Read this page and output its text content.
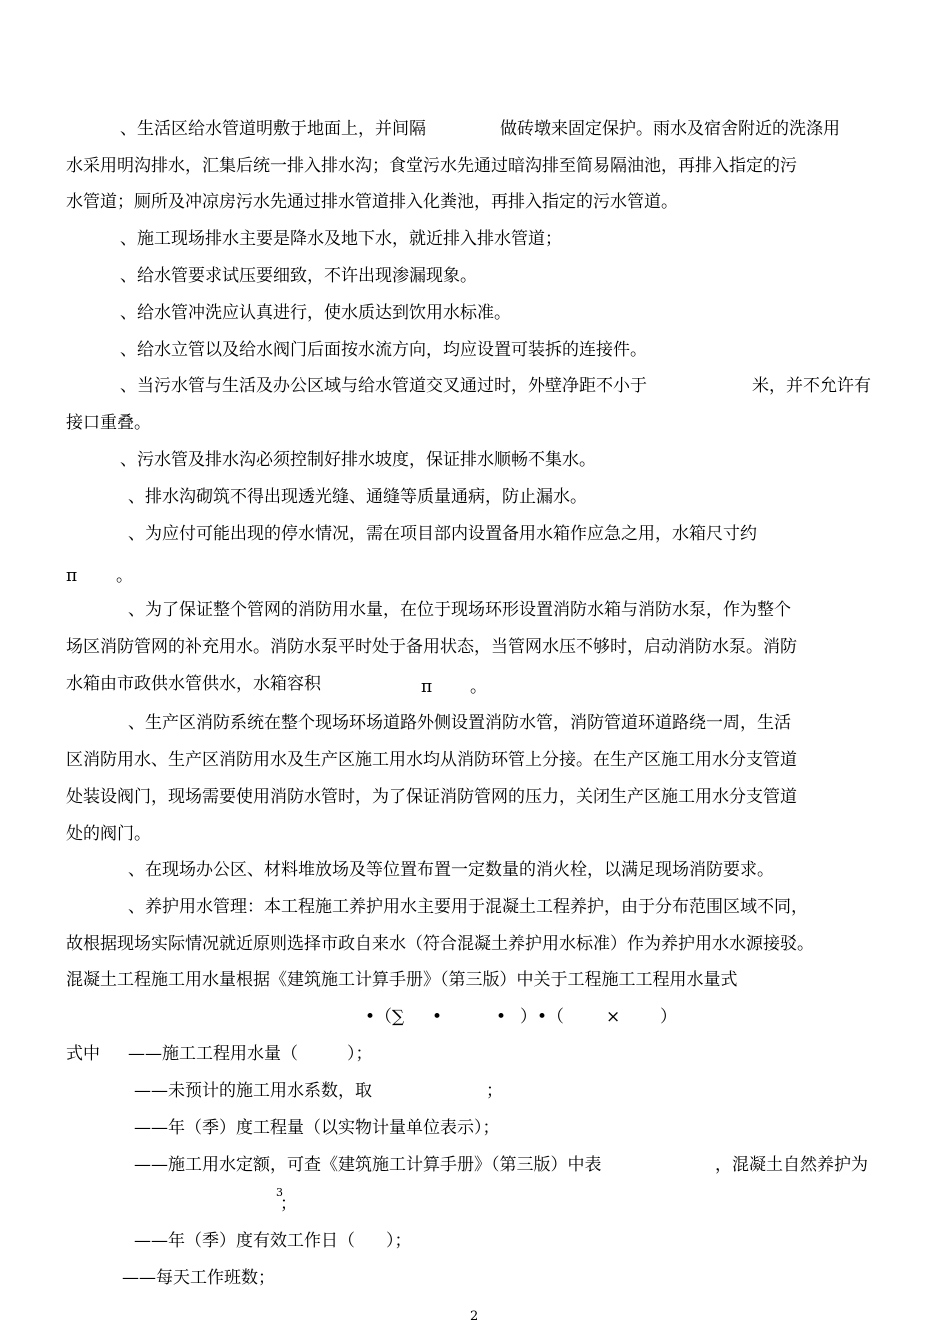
、生活区给水管道明敷于地面上，并间隔	做砖墩来固定保护。雨水及宿舍附近的洗涤用
水采用明沟排水，汇集后统一排入排水沟；食堂污水先通过暗沟排至简易隔油池，再排入指定的污
水管道；厕所及冲凉房污水先通过排水管道排入化粪池，再排入指定的污水管道。
、施工现场排水主要是降水及地下水，就近排入排水管道；
、给水管要求试压要细致，不许出现渗漏现象。
、给水管冲洗应认真进行，使水质达到饮用水标准。
、给水立管以及给水阀门后面按水流方向，均应设置可装拆的连接件。
、当污水管与生活及办公区域与给水管道交叉通过时，外壁净距不小于	米，并不允许有
接口重叠。
、污水管及排水沟必须控制好排水坡度，保证排水顺畅不集水。
、排水沟砌筑不得出现透光缝、通缝等质量通病，防止漏水。
、为应付可能出现的停水情况，需在项目部内设置备用水箱作应急之用，水箱尺寸约
π 。
、为了保证整个管网的消防用水量，在位于现场环形设置消防水箱与消防水泵，作为整个
场区消防管网的补充用水。消防水泵平时处于备用状态，当管网水压不够时，启动消防水泵。消防
水箱由市政供水管供水，水箱容积	π 。
、生产区消防系统在整个现场环场道路外侧设置消防水管，消防管道环道路绕一周，生活
区消防用水、生产区消防用水及生产区施工用水均从消防环管上分接。在生产区施工用水分支管道
处装设阀门，现场需要使用消防水管时，为了保证消防管网的压力，关闭生产区施工用水分支管道
处的阀门。
、在现场办公区、材料堆放场及等位置布置一定数量的消火栓，以满足现场消防要求。
、养护用水管理：本工程施工养护用水主要用于混凝土工程养护，由于分布范围区域不同，
故根据现场实际情况就近原则选择市政自来水（符合混凝土养护用水标准）作为养护用水水源接驳。
混凝土工程施工用水量根据《建筑施工计算手册》（第三版）中关于工程施工工程用水量式
•（∑ •	• ）•（ × ）
式中 ——施工工程用水量（	）；
——未预计的施工用水系数，取	；
——年（季）度工程量（以实物计量单位表示）；
——施工用水定额，可查《建筑施工计算手册》（第三版）中表	，混凝土自然养护为
3
；
——年（季）度有效工作日（ ）；
——每天工作班数；
2
